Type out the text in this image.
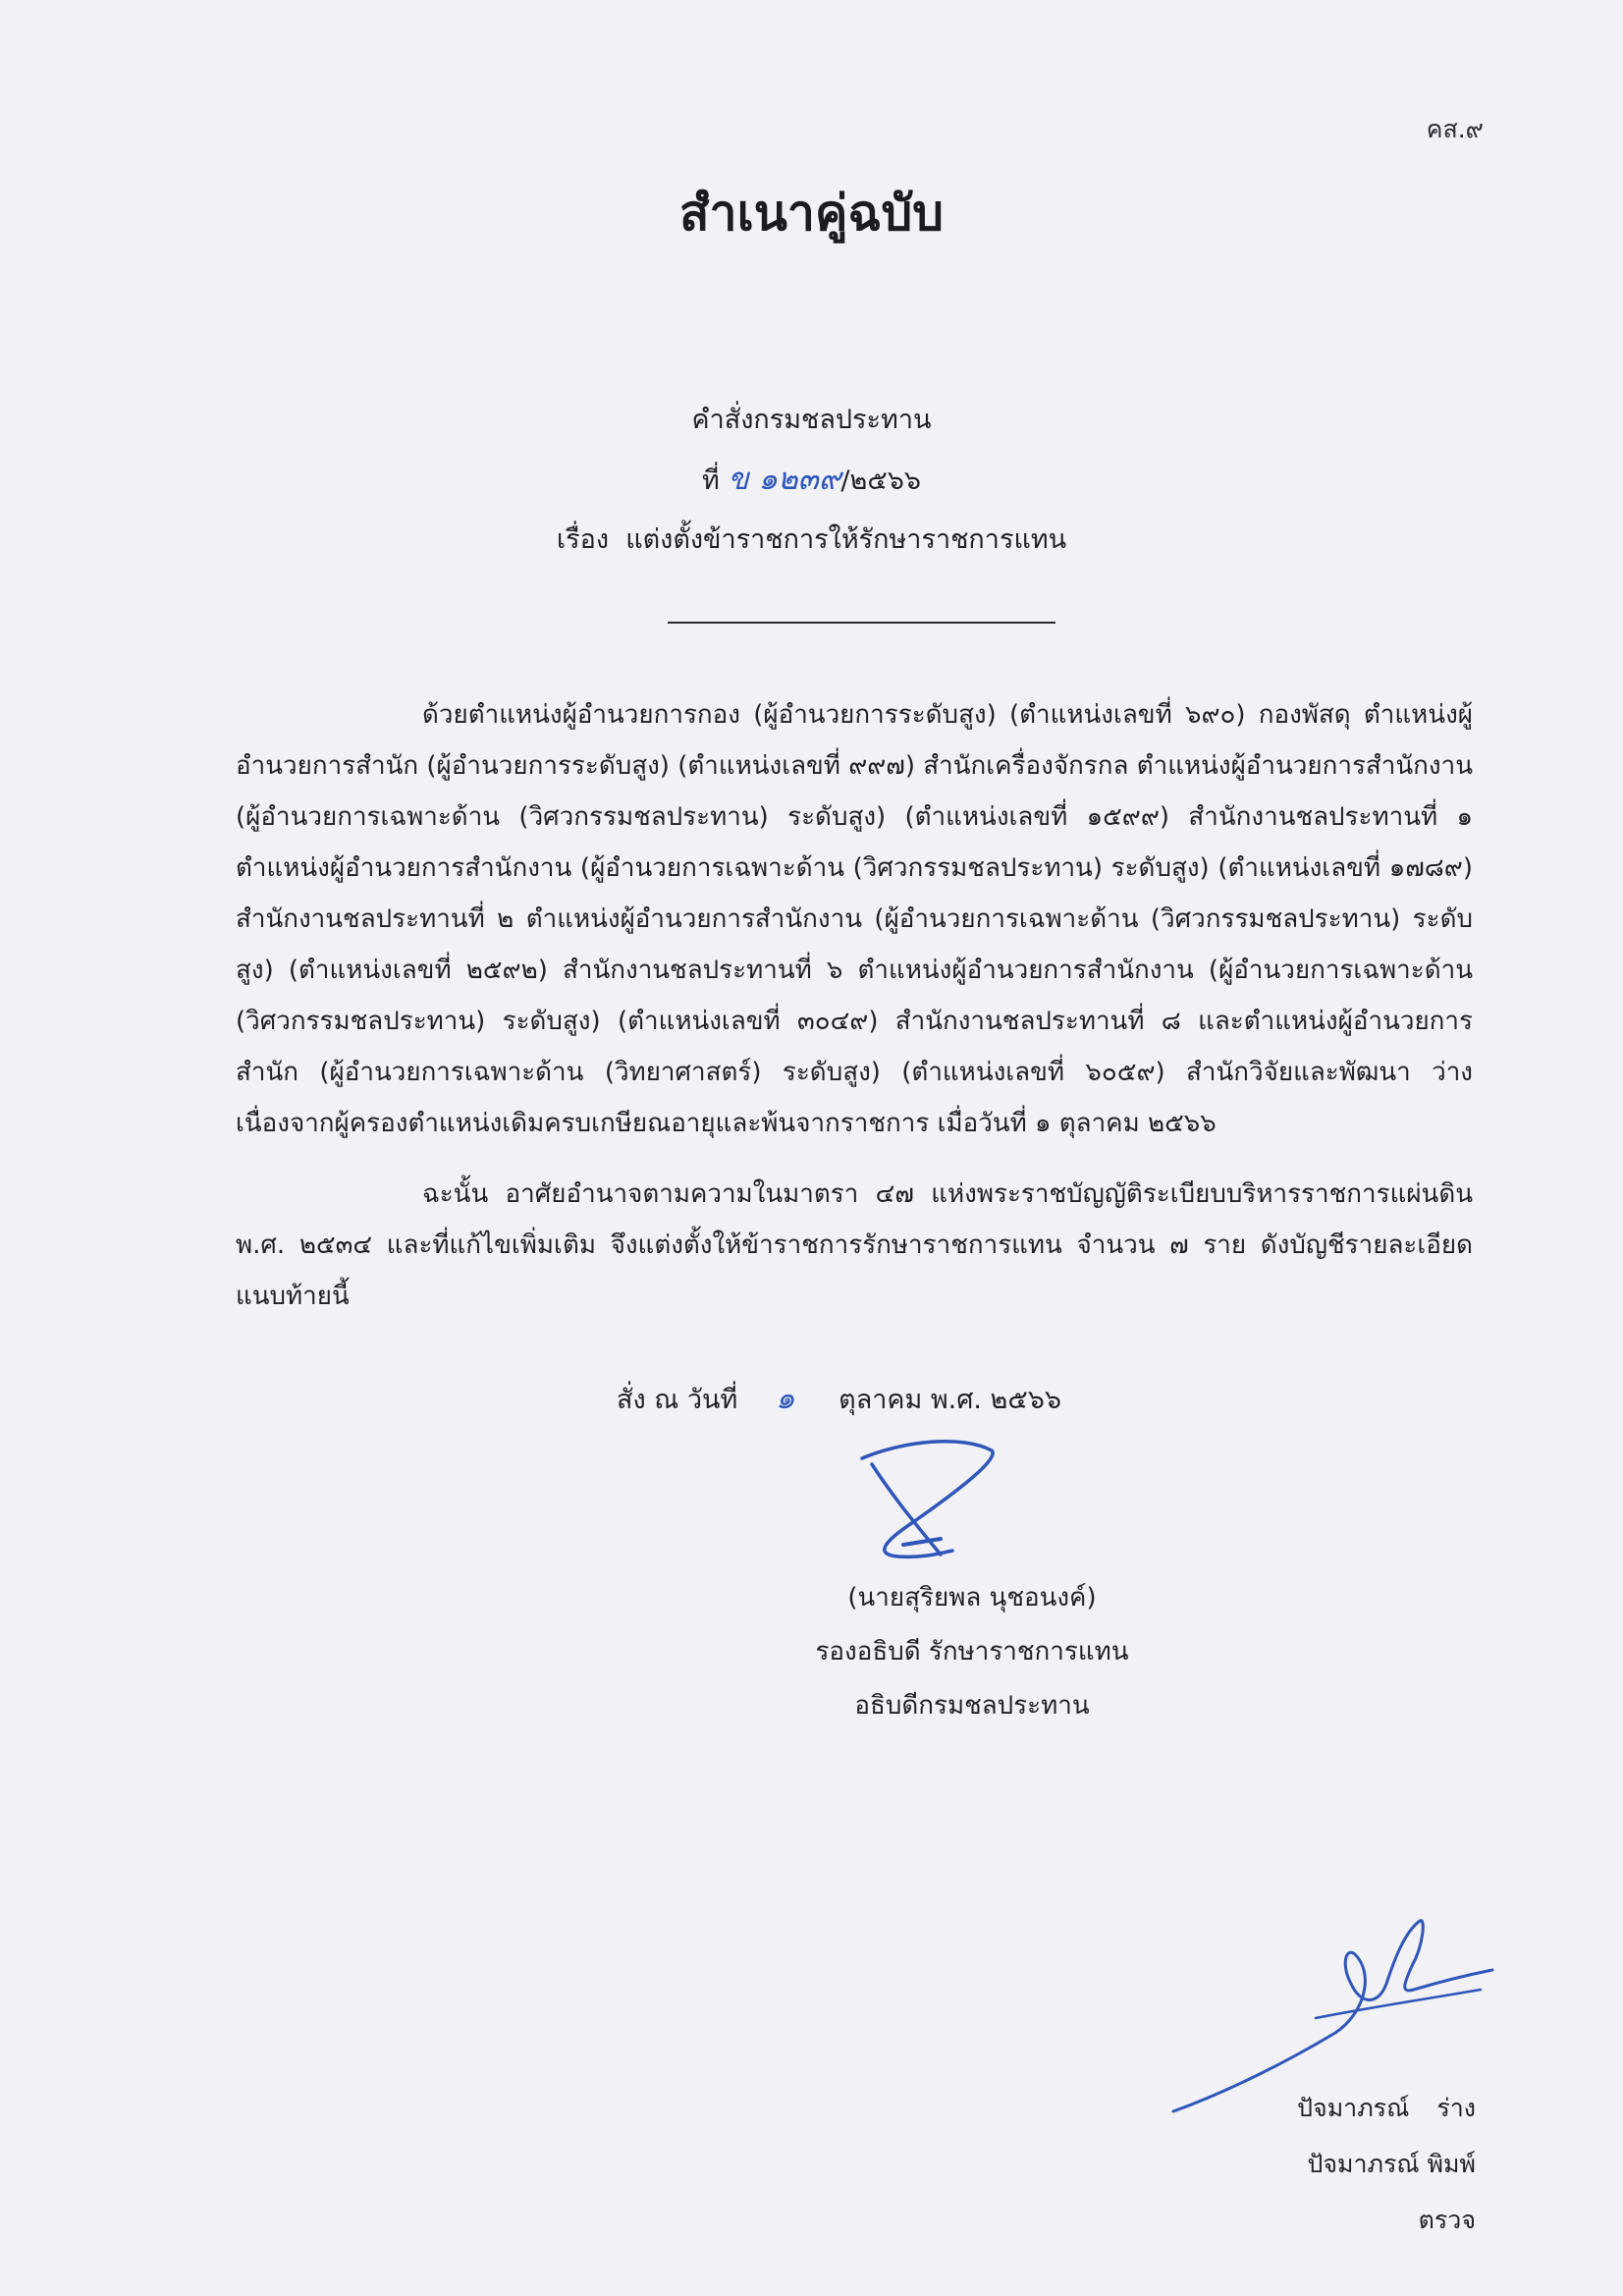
คส.๙
สำเนาคู่ฉบับ
คำสั่งกรมชลประทาน
ที่ ข ๑๒๓๙/๒๕๖๖
เรื่อง แต่งตั้งข้าราชการให้รักษาราชการแทน

ด้วยตำแหน่งผู้อำนวยการกอง (ผู้อำนวยการระดับสูง) (ตำแหน่งเลขที่ ๖๙๐) กองพัสดุ ตำแหน่งผู้อำนวยการสำนัก (ผู้อำนวยการระดับสูง) (ตำแหน่งเลขที่ ๙๙๗) สำนักเครื่องจักรกล ตำแหน่งผู้อำนวยการสำนักงาน (ผู้อำนวยการเฉพาะด้าน (วิศวกรรมชลประทาน) ระดับสูง) (ตำแหน่งเลขที่ ๑๕๙๙) สำนักงานชลประทานที่ ๑ ตำแหน่งผู้อำนวยการสำนักงาน (ผู้อำนวยการเฉพาะด้าน (วิศวกรรมชลประทาน) ระดับสูง) (ตำแหน่งเลขที่ ๑๗๘๙) สำนักงานชลประทานที่ ๒ ตำแหน่งผู้อำนวยการสำนักงาน (ผู้อำนวยการเฉพาะด้าน (วิศวกรรมชลประทาน) ระดับสูง) (ตำแหน่งเลขที่ ๒๕๙๒) สำนักงานชลประทานที่ ๖ ตำแหน่งผู้อำนวยการสำนักงาน (ผู้อำนวยการเฉพาะด้าน (วิศวกรรมชลประทาน) ระดับสูง) (ตำแหน่งเลขที่ ๓๐๔๙) สำนักงานชลประทานที่ ๘ และตำแหน่งผู้อำนวยการสำนัก (ผู้อำนวยการเฉพาะด้าน (วิทยาศาสตร์) ระดับสูง) (ตำแหน่งเลขที่ ๖๐๕๙) สำนักวิจัยและพัฒนา ว่าง เนื่องจากผู้ครองตำแหน่งเดิมครบเกษียณอายุและพ้นจากราชการ เมื่อวันที่ ๑ ตุลาคม ๒๕๖๖

ฉะนั้น อาศัยอำนาจตามความในมาตรา ๔๗ แห่งพระราชบัญญัติระเบียบบริหารราชการแผ่นดิน พ.ศ. ๒๕๓๔ และที่แก้ไขเพิ่มเติม จึงแต่งตั้งให้ข้าราชการรักษาราชการแทน จำนวน ๗ ราย ดังบัญชีรายละเอียดแนบท้ายนี้

สั่ง ณ วันที่ ๑ ตุลาคม พ.ศ. ๒๕๖๖
(นายสุริยพล นุชอนงค์)
รองอธิบดี รักษาราชการแทน
อธิบดีกรมชลประทาน
ปัจมาภรณ์ ร่าง
ปัจมาภรณ์ พิมพ์
ตรวจ
